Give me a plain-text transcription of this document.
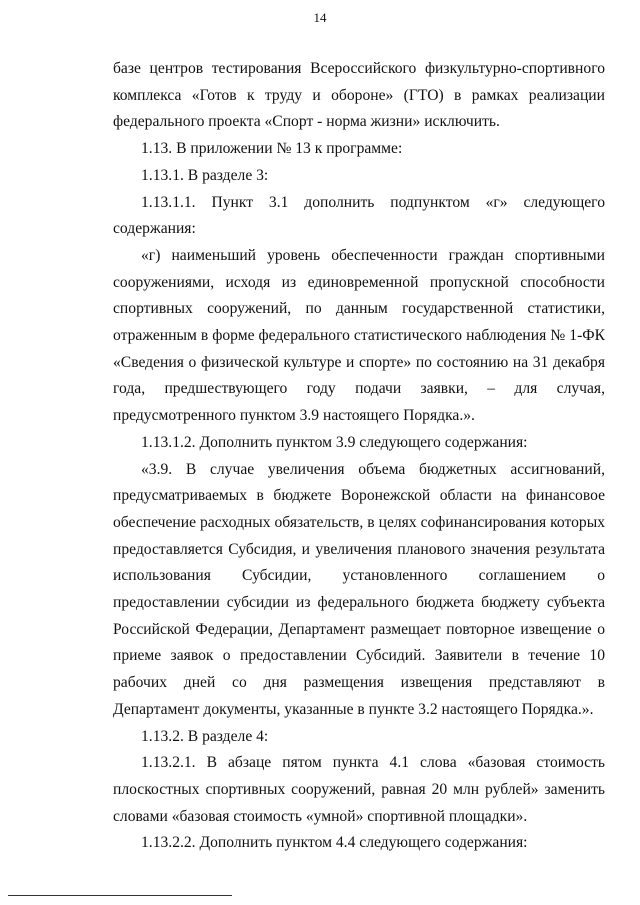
14

базе центров тестирования Всероссийского физкультурно-спортивного комплекса «Готов к труду и обороне» (ГТО) в рамках реализации федерального проекта «Спорт - норма жизни» исключить.

1.13. В приложении № 13 к программе:

1.13.1. В разделе 3:

1.13.1.1. Пункт 3.1 дополнить подпунктом «г» следующего содержания:

«г) наименьший уровень обеспеченности граждан спортивными сооружениями, исходя из единовременной пропускной способности спортивных сооружений, по данным государственной статистики, отраженным в форме федерального статистического наблюдения № 1-ФК «Сведения о физической культуре и спорте» по состоянию на 31 декабря года, предшествующего году подачи заявки, – для случая, предусмотренного пунктом 3.9 настоящего Порядка.».

1.13.1.2. Дополнить пунктом 3.9 следующего содержания:

«3.9. В случае увеличения объема бюджетных ассигнований, предусматриваемых в бюджете Воронежской области на финансовое обеспечение расходных обязательств, в целях софинансирования которых предоставляется Субсидия, и увеличения планового значения результата использования Субсидии, установленного соглашением о предоставлении субсидии из федерального бюджета бюджету субъекта Российской Федерации, Департамент размещает повторное извещение о приеме заявок о предоставлении Субсидий. Заявители в течение 10 рабочих дней со дня размещения извещения представляют в Департамент документы, указанные в пункте 3.2 настоящего Порядка.».

1.13.2. В разделе 4:

1.13.2.1. В абзаце пятом пункта 4.1 слова «базовая стоимость плоскостных спортивных сооружений, равная 20 млн рублей» заменить словами «базовая стоимость «умной» спортивной площадки».

1.13.2.2. Дополнить пунктом 4.4 следующего содержания:
